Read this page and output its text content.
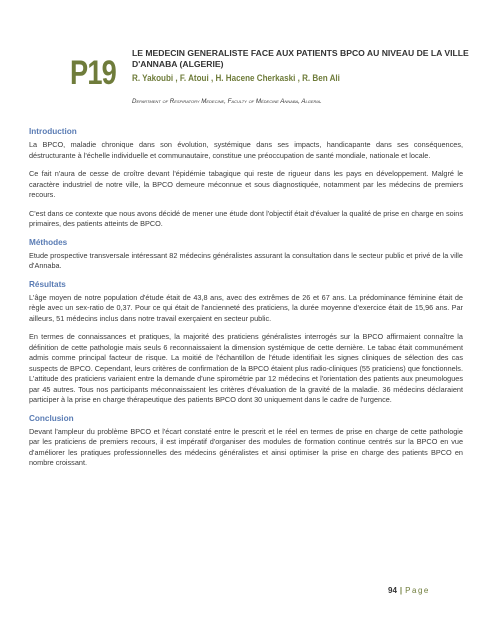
P19
LE MEDECIN GENERALISTE FACE AUX PATIENTS BPCO AU NIVEAU DE LA VILLE D'ANNABA (ALGERIE)
R. Yakoubi , F. Atoui , H. Hacene Cherkaski , R. Ben Ali
Department of Respiratory Medecine, Faculty of Médecine Annaba, Algeria.
Introduction

La BPCO, maladie chronique dans son évolution, systémique dans ses impacts, handicapante dans ses conséquences, déstructurante à l'échelle individuelle et communautaire, constitue une préoccupation de santé mondiale, nationale et locale.

Ce fait n'aura de cesse de croître devant l'épidémie tabagique qui reste de rigueur dans les pays en développement. Malgré le caractère industriel de notre ville, la BPCO demeure méconnue et sous diagnostiquée, notamment par les médecins de premiers recours.

C'est dans ce contexte que nous avons décidé de mener une étude dont l'objectif était d'évaluer la qualité de prise en charge en soins primaires, des patients atteints de BPCO.

Méthodes

Etude prospective transversale intéressant 82 médecins généralistes assurant la consultation dans le secteur public et privé de la ville d'Annaba.

Résultats

L'âge moyen de notre population d'étude était de 43,8 ans, avec des extrêmes de 26 et 67 ans. La prédominance féminine était de règle avec un sex-ratio de 0,37. Pour ce qui était de l'ancienneté des praticiens, la durée moyenne d'exercice était de 15,96 ans. Par ailleurs, 51 médecins inclus dans notre travail exerçaient en secteur public.

En termes de connaissances et pratiques, la majorité des praticiens généralistes interrogés sur la BPCO affirmaient connaître la définition de cette pathologie mais seuls 6 reconnaissaient la dimension systémique de cette dernière. Le tabac était communément admis comme principal facteur de risque. La moitié de l'échantillon de l'étude identifiait les signes cliniques de sélection des cas suspects de BPCO. Cependant, leurs critères de confirmation de la BPCO étaient plus radio-cliniques (55 praticiens) que fonctionnels. L'attitude des praticiens variaient entre la demande d'une spirométrie par 12 médecins et l'orientation des patients aux pneumologues par 45 autres. Tous nos participants méconnaissaient les critères d'évaluation de la gravité de la maladie. 36 médecins déclaraient participer à la prise en charge thérapeutique des patients BPCO dont 30 uniquement dans le cadre de l'urgence.

Conclusion

Devant l'ampleur du problème BPCO et l'écart constaté entre le prescrit et le réel en termes de prise en charge de cette pathologie par les praticiens de premiers recours, il est impératif d'organiser des modules de formation continue centrés sur la BPCO en vue d'améliorer les pratiques professionnelles des médecins généralistes et ainsi optimiser la prise en charge des patients BPCO en nombre croissant.

94 | Page
